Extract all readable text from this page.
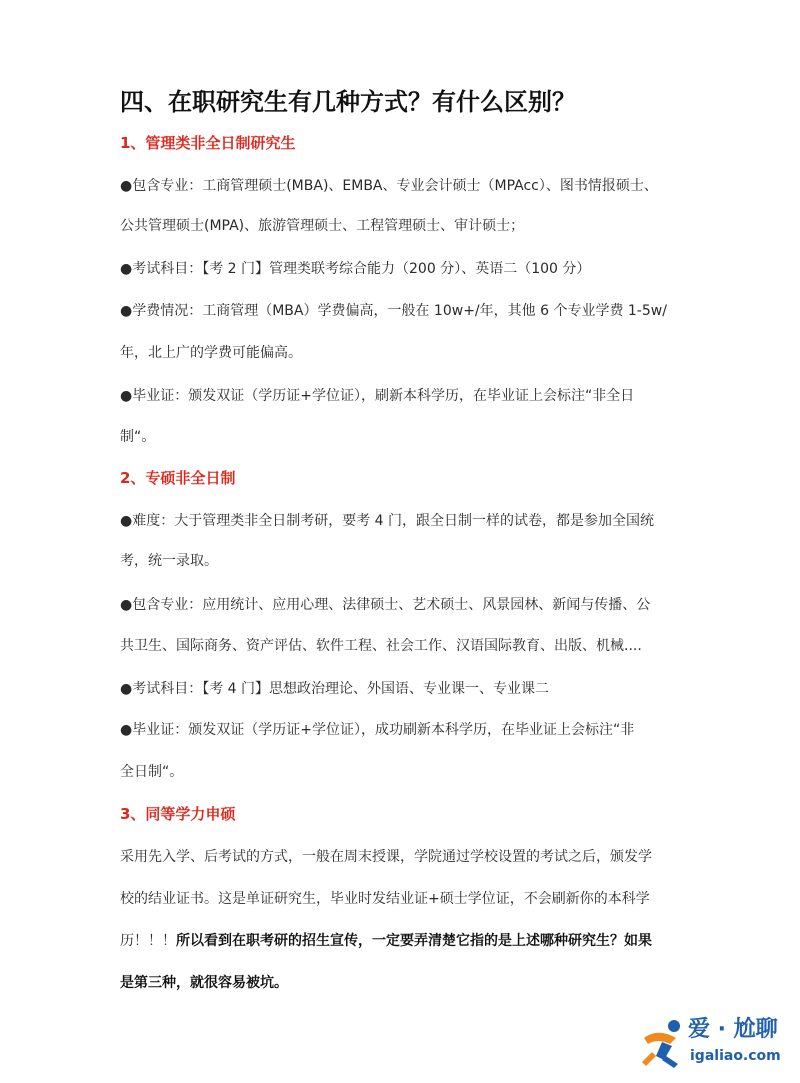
四、在职研究生有几种方式？有什么区别？
1、管理类非全日制研究生
●包含专业：工商管理硕士(MBA)、EMBA、专业会计硕士（MPAcc）、图书情报硕士、
公共管理硕士(MPA)、旅游管理硕士、工程管理硕士、审计硕士；
●考试科目：【考 2 门】管理类联考综合能力（200 分）、英语二（100 分）
●学费情况：工商管理（MBA）学费偏高，一般在 10w+/年，其他 6 个专业学费 1-5w/
年，北上广的学费可能偏高。
●毕业证：颁发双证（学历证+学位证），刷新本科学历，在毕业证上会标注“非全日
制“。
2、专硕非全日制
●难度：大于管理类非全日制考研，要考 4 门，跟全日制一样的试卷，都是参加全国统
考，统一录取。
●包含专业：应用统计、应用心理、法律硕士、艺术硕士、风景园林、新闻与传播、公
共卫生、国际商务、资产评估、软件工程、社会工作、汉语国际教育、出版、机械....
●考试科目：【考 4 门】思想政治理论、外国语、专业课一、专业课二
●毕业证：颁发双证（学历证+学位证），成功刷新本科学历，在毕业证上会标注“非
全日制“。
3、同等学力申硕
采用先入学、后考试的方式，一般在周末授课，学院通过学校设置的考试之后，颁发学
校的结业证书。这是单证研究生，毕业时发结业证+硕士学位证，不会刷新你的本科学
历！！！所以看到在职考研的招生宣传，一定要弄清楚它指的是上述哪种研究生？如果
是第三种，就很容易被坑。
爱 · 尬聊
igaliao.com
